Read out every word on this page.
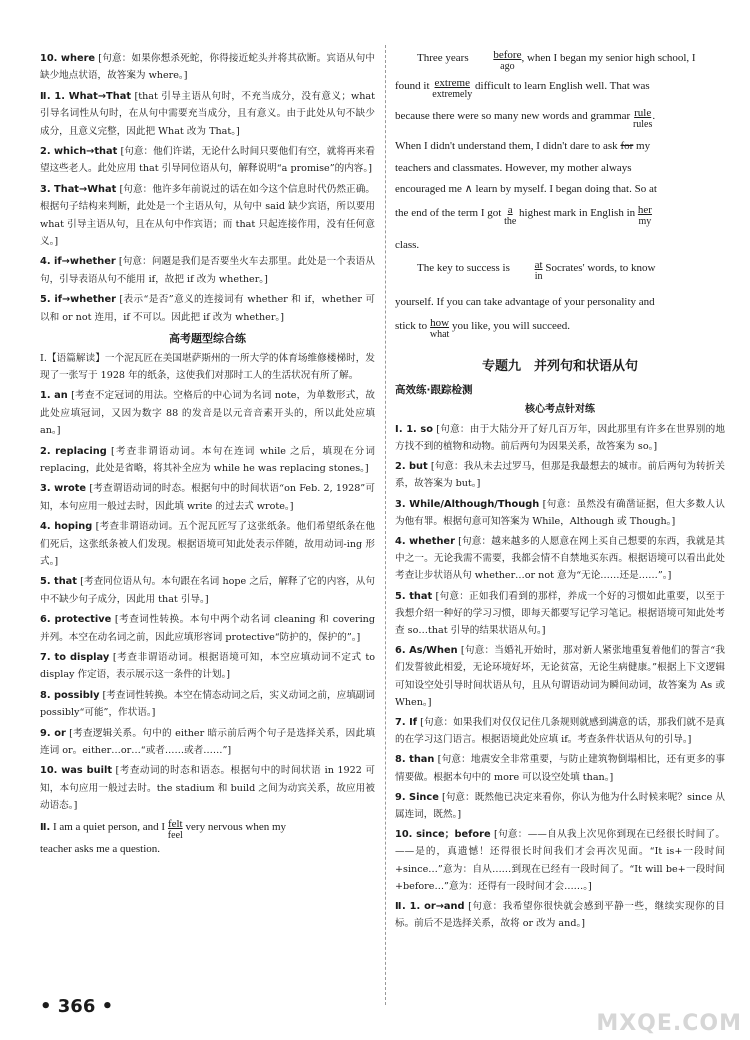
10. where [句意：如果你想杀死蛇，你得接近蛇头并将其砍断。宾语从句中缺少地点状语，故答案为 where。]
Ⅱ. 1. What→That [that 引导主语从句时，不充当成分，没有意义；what 引导名词性从句时，在从句中需要充当成分，且有意义。由于此处从句不缺少成分，且意义完整，因此把 What 改为 That。]
2. which→that [句意：他们许诺，无论什么时间只要他们有空，就将再来看望这些老人。此处应用 that 引导同位语从句，解释说明“a promise”的内容。]
3. That→What [句意：他许多年前说过的话在如今这个信息时代仍然正确。根据句子结构来判断，此处是一个主语从句，从句中 said 缺少宾语，所以要用 what 引导主语从句，且在从句中作宾语；而 that 只起连接作用，没有任何意义。]
4. if→whether [句意：问题是我们是否要坐火车去那里。此处是一个表语从句，引导表语从句不能用 if，故把 if 改为 whether。]
5. if→whether [表示“是否”意义的连接词有 whether 和 if，whether 可以和 or not 连用，if 不可以。因此把 if 改为 whether。]
高考题型综合练
Ⅰ.【语篇解读】一个泥瓦匠在美国堪萨斯州的一所大学的体育场维修楼梯时，发现了一张写于 1928 年的纸条，这使我们对那时工人的生活状况有所了解。
1. an [考查不定冠词的用法。空格后的中心词为名词 note，为单数形式，故此处应填冠词，又因为数字 88 的发音是以元音音素开头的，所以此处应填 an。]
2. replacing [考查非谓语动词。本句在连词 while 之后，填现在分词 replacing，此处是省略，将其补全应为 while he was replacing stones。]
3. wrote [考查谓语动词的时态。根据句中的时间状语“on Feb. 2, 1928”可知，本句应用一般过去时，因此填 write 的过去式 wrote。]
4. hoping [考查非谓语动词。五个泥瓦匠写了这张纸条。他们希望纸条在他们死后，这张纸条被人们发现。根据语境可知此处表示伴随，故用动词-ing 形式。]
5. that [考查同位语从句。本句跟在名词 hope 之后，解释了它的内容，从句中不缺少句子成分，因此用 that 引导。]
6. protective [考查词性转换。本句中两个动名词 cleaning 和 covering 并列。本空在动名词之前，因此应填形容词 protective“防护的，保护的”。]
7. to display [考查非谓语动词。根据语境可知，本空应填动词不定式 to display 作定语，表示展示这一条件的计划。]
8. possibly [考查词性转换。本空在情态动词之后，实义动词之前，应填副词 possibly“可能”，作状语。]
9. or [考查逻辑关系。句中的 either 暗示前后两个句子是选择关系，因此填连词 or。either…or…“或者……或者……”]
10. was built [考查动词的时态和语态。根据句中的时间状语 in 1922 可知，本句应用一般过去时。the stadium 和 build 之间为动宾关系，故应用被动语态。]
Ⅱ. I am a quiet person, and I felt
feel
very nervous when my
teacher asks me a question.
Three years	before
ago
, when I began my senior high school, I
found it extreme
extremely
difficult to learn English well. That was
because there were so many new words and grammar rule
rules
.
When I didn't understand them, I didn't dare to ask for my
teachers and classmates. However, my mother always
encouraged me ∧ learn by myself. I began doing that. So at
the end of the term I got a
the
highest mark in English in her
my
class.
The key to success is $\frac{at}{in}$ Socrates' words, to know
yourself. If you can take advantage of your personality and
stick to how
what
you like, you will succeed.
专题九　并列句和状语从句
高效练·跟踪检测
核心考点针对练
Ⅰ. 1. so [句意：由于大陆分开了好几百万年，因此那里有许多在世界别的地方找不到的植物和动物。前后两句为因果关系，故答案为 so。]
2. but [句意：我从未去过罗马，但那是我最想去的城市。前后两句为转折关系，故答案为 but。]
3. While/Although/Though [句意：虽然没有确凿证据，但大多数人认为他有罪。根据句意可知答案为 While，Although 或 Though。]
4. whether [句意：越来越多的人愿意在网上买自己想要的东西，我就是其中之一。无论我需不需要，我都会情不自禁地买东西。根据语境可以看出此处考查让步状语从句 whether…or not 意为“无论……还是……”。]
5. that [句意：正如我们看到的那样，养成一个好的习惯如此重要，以至于我想介绍一种好的学习习惯，即每天都要写记学习笔记。根据语境可知此处考查 so…that 引导的结果状语从句。]
6. As/When [句意：当婚礼开始时，那对新人紧张地重复着他们的誓言“我们发誓彼此相爱，无论环境好坏，无论贫富，无论生病健康。”根据上下文逻辑可知设空处引导时间状语从句，且从句谓语动词为瞬间动词，故答案为 As 或 When。]
7. If [句意：如果我们对仅仅记住几条规则就感到满意的话，那我们就不是真的在学习这门语言。根据语境此处应填 if。考查条件状语从句的引导。]
8. than [句意：地震安全非常重要，与防止建筑物倒塌相比，还有更多的事情要做。根据本句中的 more 可以设空处填 than。]
9. Since [句意：既然他已决定来看你，你认为他为什么时候来呢？since 从属连词，既然。]
10. since；before [句意：——自从我上次见你到现在已经很长时间了。——是的，真遗憾！还得很长时间我们才会再次见面。“It is+一段时间+since…”意为：自从……到现在已经有一段时间了。“It will be+一段时间+before…”意为：还得有一段时间才会……。]
Ⅱ. 1. or→and [句意：我希望你很快就会感到平静一些，继续实现你的目标。前后不是选择关系，故将 or 改为 and。]
• 366 •
MXQE.COM
